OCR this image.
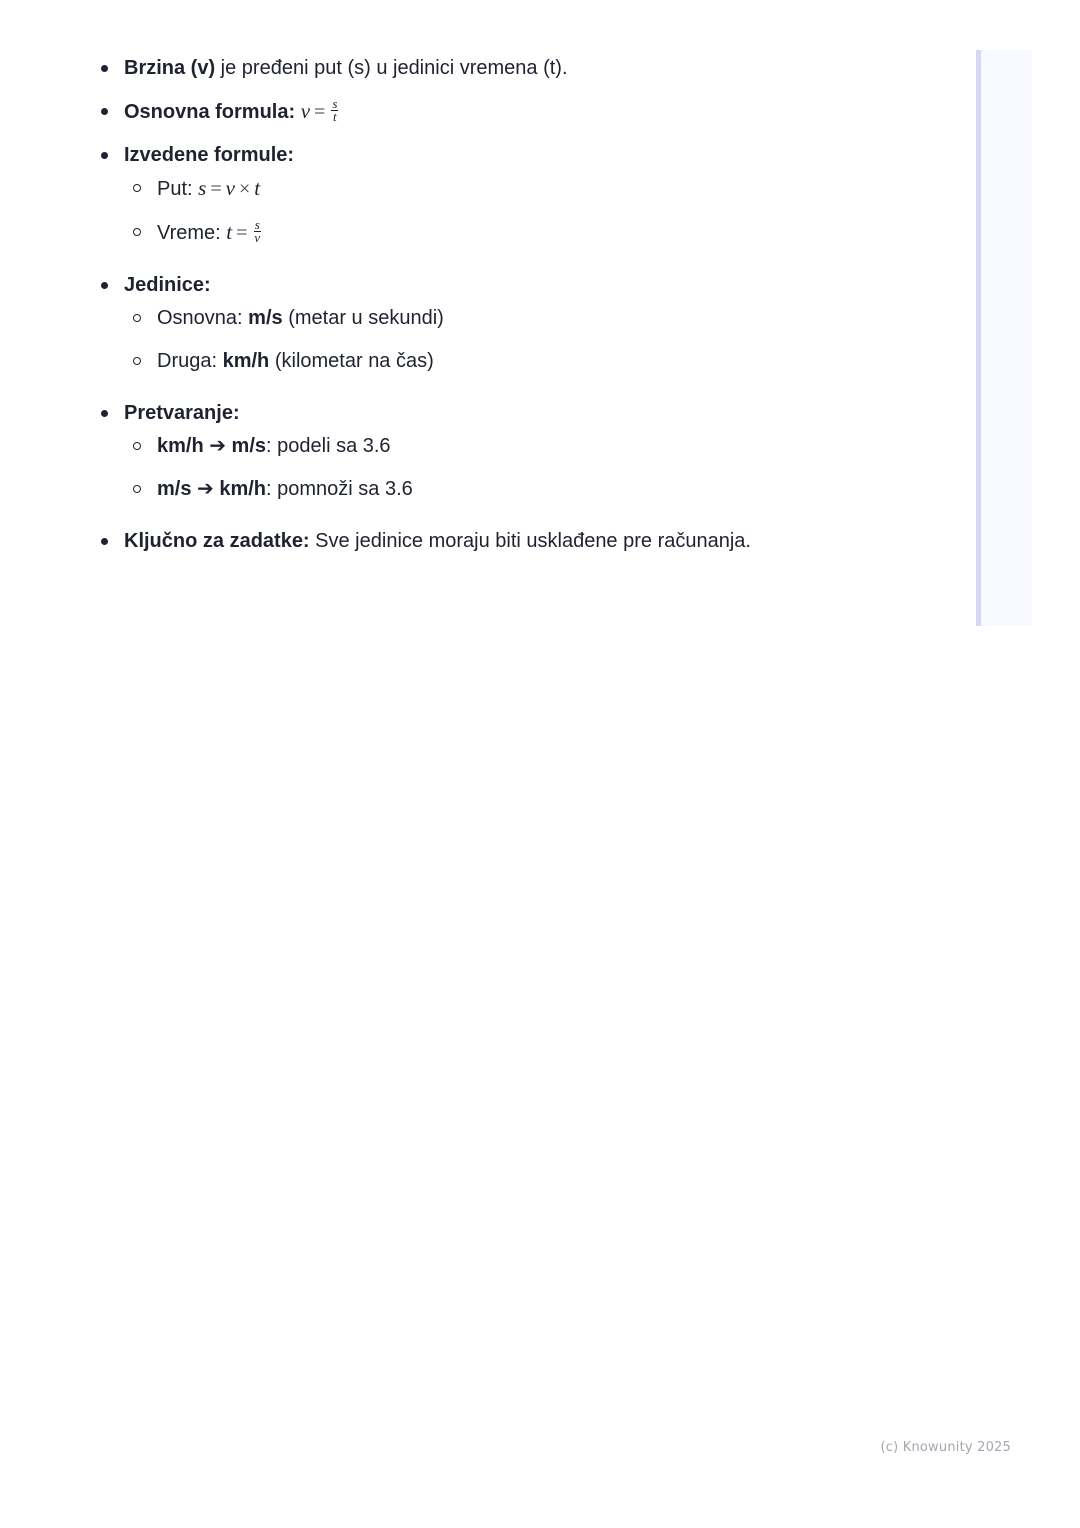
Brzina (v) je pređeni put (s) u jedinici vremena (t).
Osnovna formula: $v = \frac{s}{t}$
Izvedene formule:
Put: s = v × t
Vreme: $t = \frac{s}{v}$
Jedinice:
Osnovna: m/s (metar u sekundi)
Druga: km/h (kilometar na čas)
Pretvaranje:
km/h ➔ m/s: podeli sa 3.6
m/s ➔ km/h: pomnoži sa 3.6
Ključno za zadatke: Sve jedinice moraju biti usklađene pre računanja.
(c) Knowunity 2025
